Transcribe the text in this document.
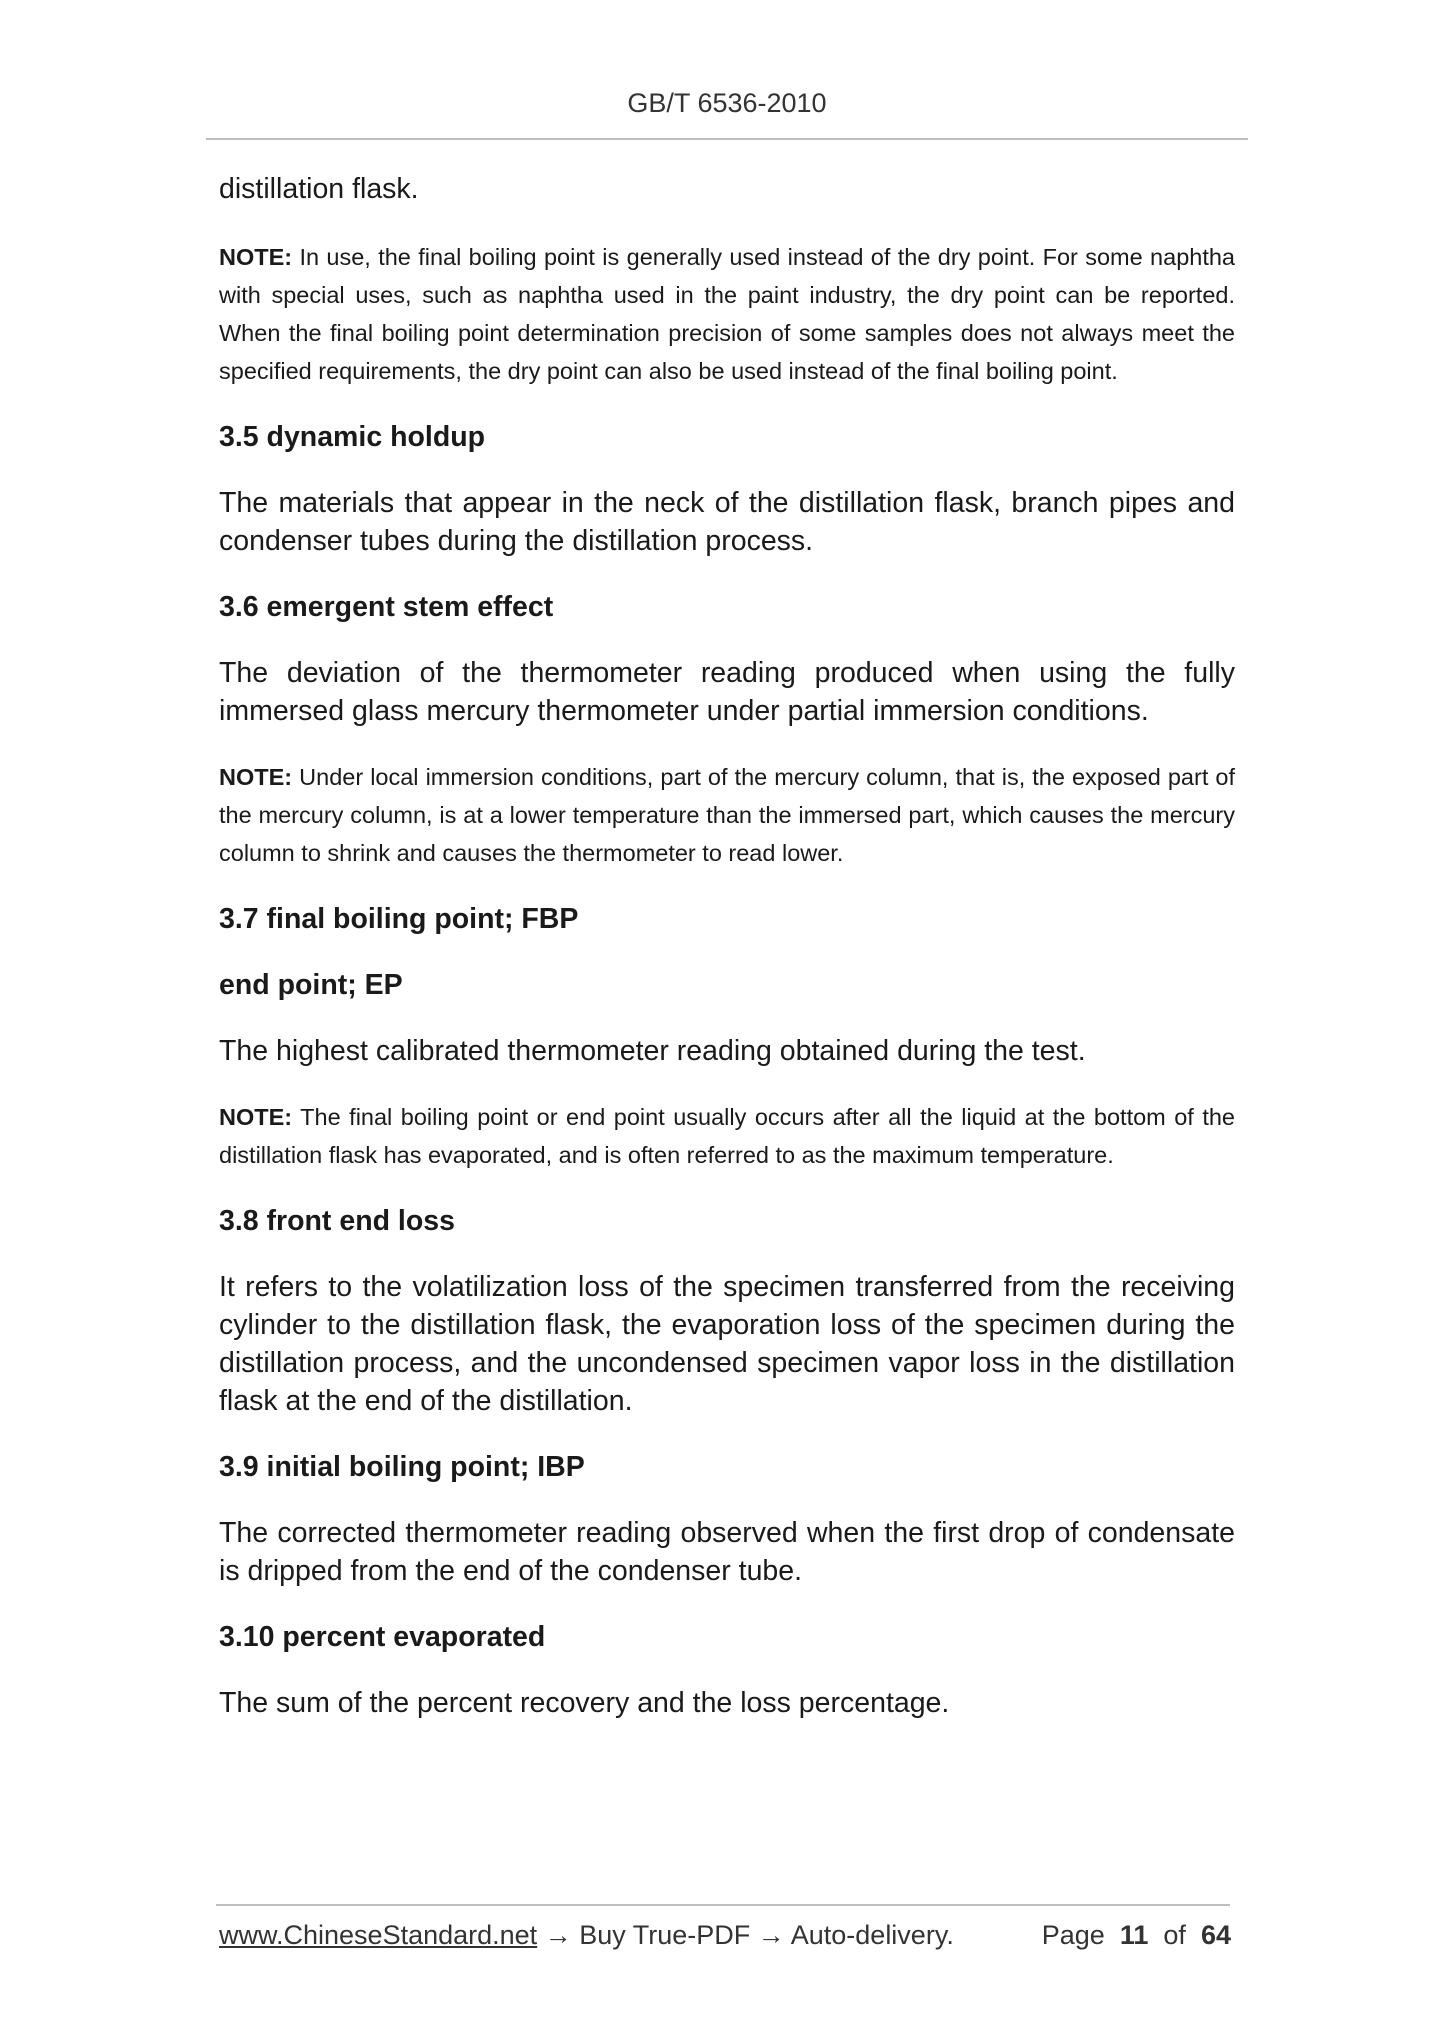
GB/T 6536-2010

distillation flask.

NOTE: In use, the final boiling point is generally used instead of the dry point. For some naphtha with special uses, such as naphtha used in the paint industry, the dry point can be reported. When the final boiling point determination precision of some samples does not always meet the specified requirements, the dry point can also be used instead of the final boiling point.

3.5 dynamic holdup

The materials that appear in the neck of the distillation flask, branch pipes and condenser tubes during the distillation process.

3.6 emergent stem effect

The deviation of the thermometer reading produced when using the fully immersed glass mercury thermometer under partial immersion conditions.

NOTE: Under local immersion conditions, part of the mercury column, that is, the exposed part of the mercury column, is at a lower temperature than the immersed part, which causes the mercury column to shrink and causes the thermometer to read lower.

3.7 final boiling point; FBP
end point; EP

The highest calibrated thermometer reading obtained during the test.

NOTE: The final boiling point or end point usually occurs after all the liquid at the bottom of the distillation flask has evaporated, and is often referred to as the maximum temperature.

3.8 front end loss

It refers to the volatilization loss of the specimen transferred from the receiving cylinder to the distillation flask, the evaporation loss of the specimen during the distillation process, and the uncondensed specimen vapor loss in the distillation flask at the end of the distillation.

3.9 initial boiling point; IBP

The corrected thermometer reading observed when the first drop of condensate is dripped from the end of the condenser tube.

3.10 percent evaporated

The sum of the percent recovery and the loss percentage.

www.ChineseStandard.net → Buy True-PDF → Auto-delivery.	Page 11 of 64
